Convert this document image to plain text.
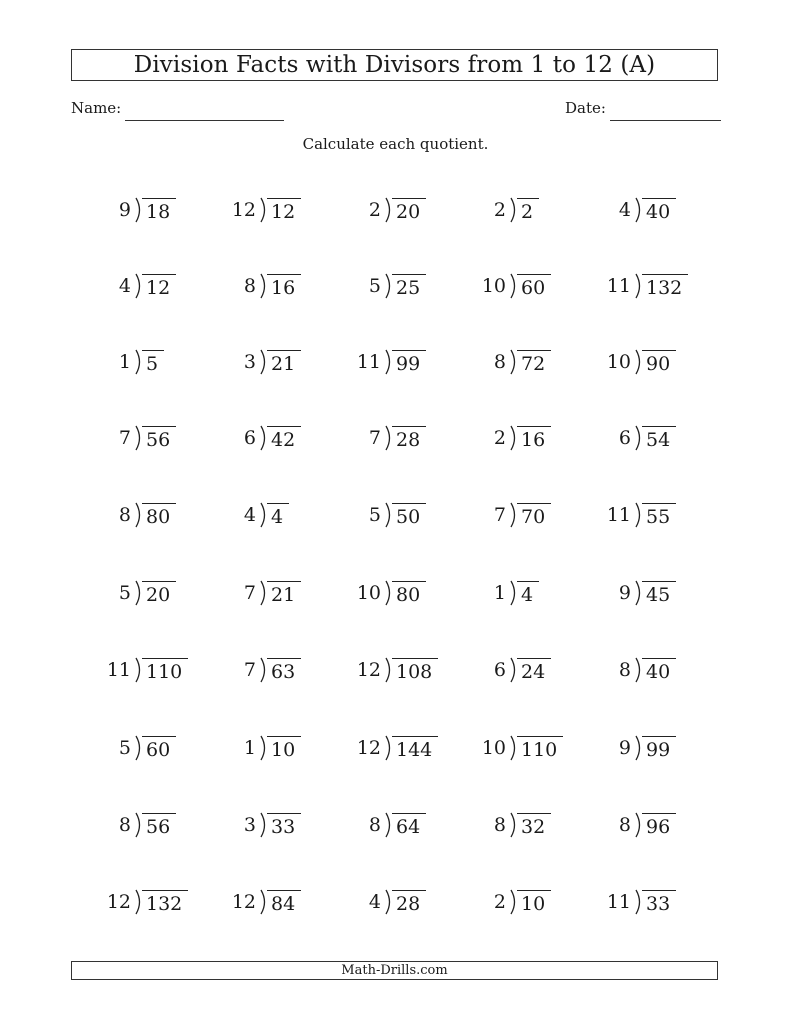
Division Facts with Divisors from 1 to 12 (A)
Name:	Date:
Calculate each quotient.
9 18	12 12	2 20	2 2	4 40
4 12	8 16	5 25	10 60	11 132
1 5	3 21	11 99	8 72	10 90
7 56	6 42	7 28	2 16	6 54
8 80	4 4	5 50	7 70	11 55
5 20	7 21	10 80	1 4	9 45
11 110	7 63	12 108	6 24	8 40
5 60	1 10	12 144	10 110	9 99
8 56	3 33	8 64	8 32	8 96
12 132	12 84	4 28	2 10	11 33
Math-Drills.com
